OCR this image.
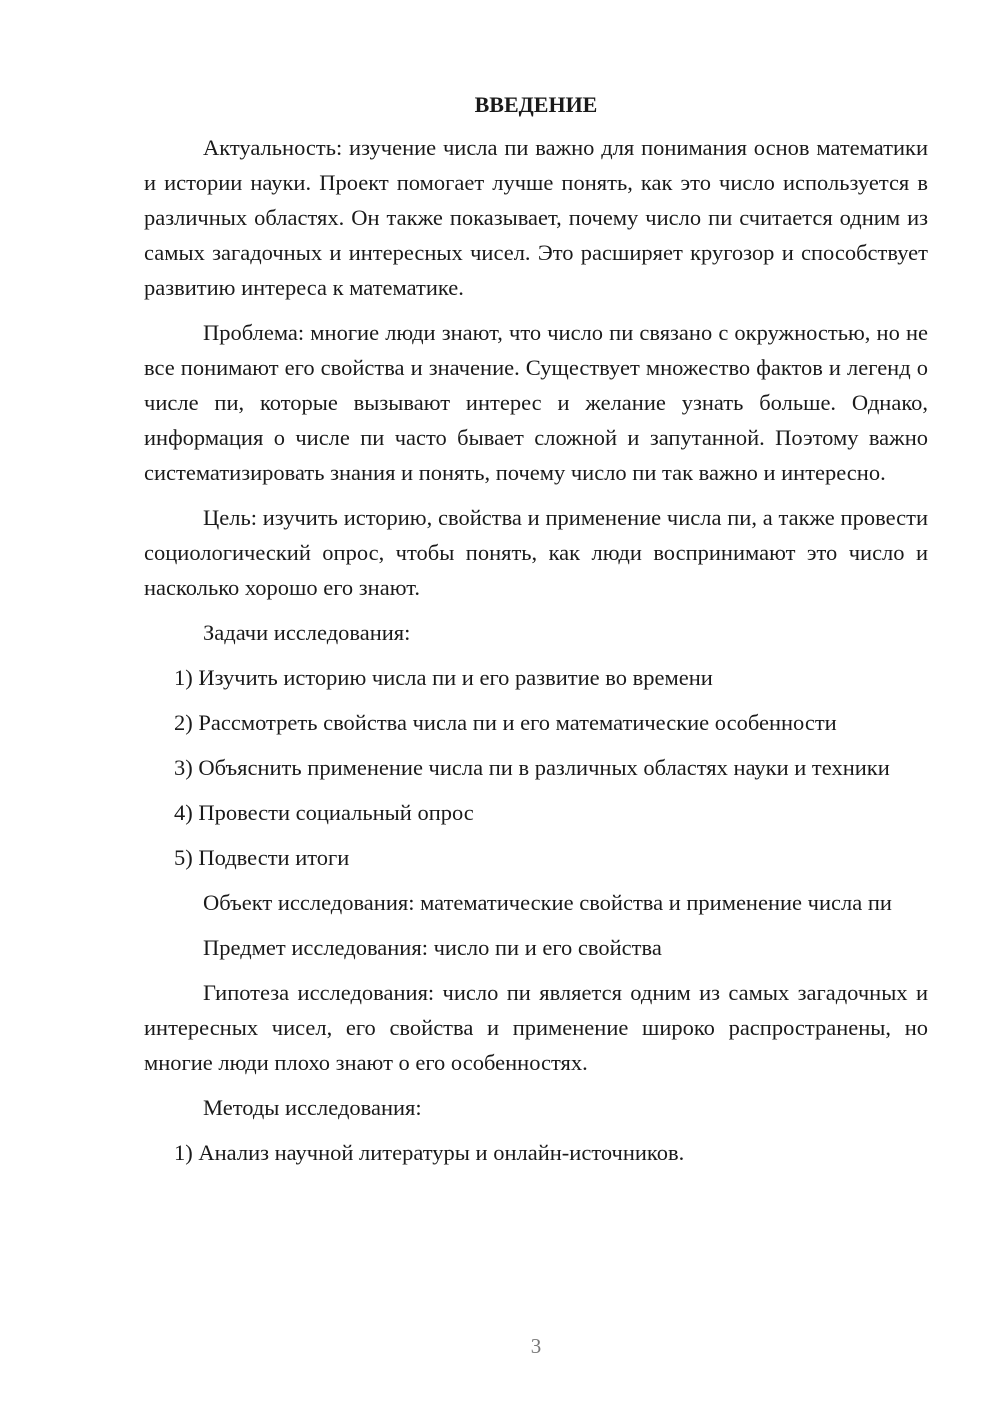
ВВЕДЕНИЕ

Актуальность: изучение числа пи важно для понимания основ математики и истории науки. Проект помогает лучше понять, как это число используется в различных областях. Он также показывает, почему число пи считается одним из самых загадочных и интересных чисел. Это расширяет кругозор и способствует развитию интереса к математике.

Проблема: многие люди знают, что число пи связано с окружностью, но не все понимают его свойства и значение. Существует множество фактов и легенд о числе пи, которые вызывают интерес и желание узнать больше. Однако, информация о числе пи часто бывает сложной и запутанной. Поэтому важно систематизировать знания и понять, почему число пи так важно и интересно.

Цель: изучить историю, свойства и применение числа пи, а также провести социологический опрос, чтобы понять, как люди воспринимают это число и насколько хорошо его знают.

Задачи исследования:

1) Изучить историю числа пи и его развитие во времени

2) Рассмотреть свойства числа пи и его математические особенности

3) Объяснить применение числа пи в различных областях науки и техники

4) Провести социальный опрос

5) Подвести итоги

Объект исследования: математические свойства и применение числа пи

Предмет исследования: число пи и его свойства

Гипотеза исследования: число пи является одним из самых загадочных и интересных чисел, его свойства и применение широко распространены, но многие люди плохо знают о его особенностях.

Методы исследования:

1) Анализ научной литературы и онлайн-источников.

3
